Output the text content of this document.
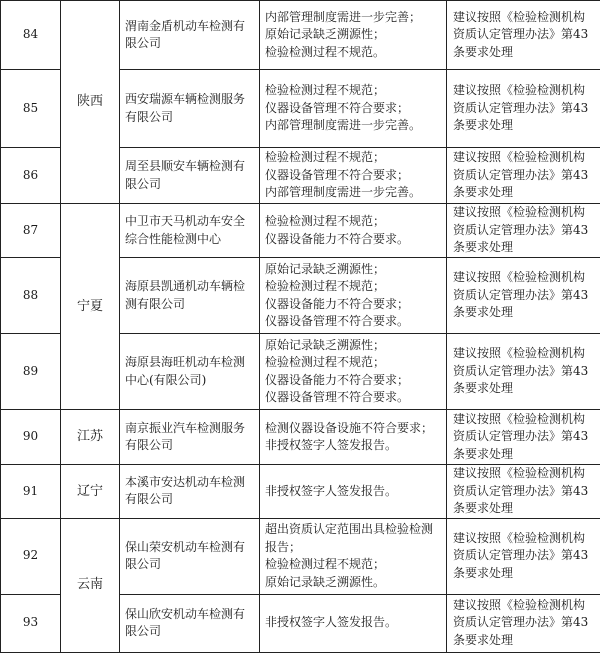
84	陕西	渭南金盾机动车检测有
限公司	内部管理制度需进一步完善；
原始记录缺乏溯源性；
检验检测过程不规范。	建议按照《检验检测机构
资质认定管理办法》第43
条要求处理

85		西安瑞源车辆检测服务
有限公司	检验检测过程不规范；
仪器设备管理不符合要求；
内部管理制度需进一步完善。	建议按照《检验检测机构
资质认定管理办法》第43
条要求处理

86		周至县顺安车辆检测有
限公司	检验检测过程不规范；
仪器设备管理不符合要求；
内部管理制度需进一步完善。	建议按照《检验检测机构
资质认定管理办法》第43
条要求处理

87	宁夏	中卫市天马机动车安全
综合性能检测中心	检验检测过程不规范；
仪器设备能力不符合要求。	建议按照《检验检测机构
资质认定管理办法》第43
条要求处理

88		海原县凯通机动车辆检
测有限公司	原始记录缺乏溯源性；
检验检测过程不规范；
仪器设备能力不符合要求；
仪器设备管理不符合要求。	建议按照《检验检测机构
资质认定管理办法》第43
条要求处理

89		海原县海旺机动车检测
中心(有限公司)	原始记录缺乏溯源性；
检验检测过程不规范；
仪器设备能力不符合要求；
仪器设备管理不符合要求。	建议按照《检验检测机构
资质认定管理办法》第43
条要求处理

90	江苏	南京振业汽车检测服务
有限公司	检测仪器设备设施不符合要求；
非授权签字人签发报告。	建议按照《检验检测机构
资质认定管理办法》第43
条要求处理

91	辽宁	本溪市安达机动车检测
有限公司	非授权签字人签发报告。	建议按照《检验检测机构
资质认定管理办法》第43
条要求处理

92	云南	保山荣安机动车检测有
限公司	超出资质认定范围出具检验检测
报告；
检验检测过程不规范；
原始记录缺乏溯源性。	建议按照《检验检测机构
资质认定管理办法》第43
条要求处理

93		保山欣安机动车检测有
限公司	非授权签字人签发报告。	建议按照《检验检测机构
资质认定管理办法》第43
条要求处理
